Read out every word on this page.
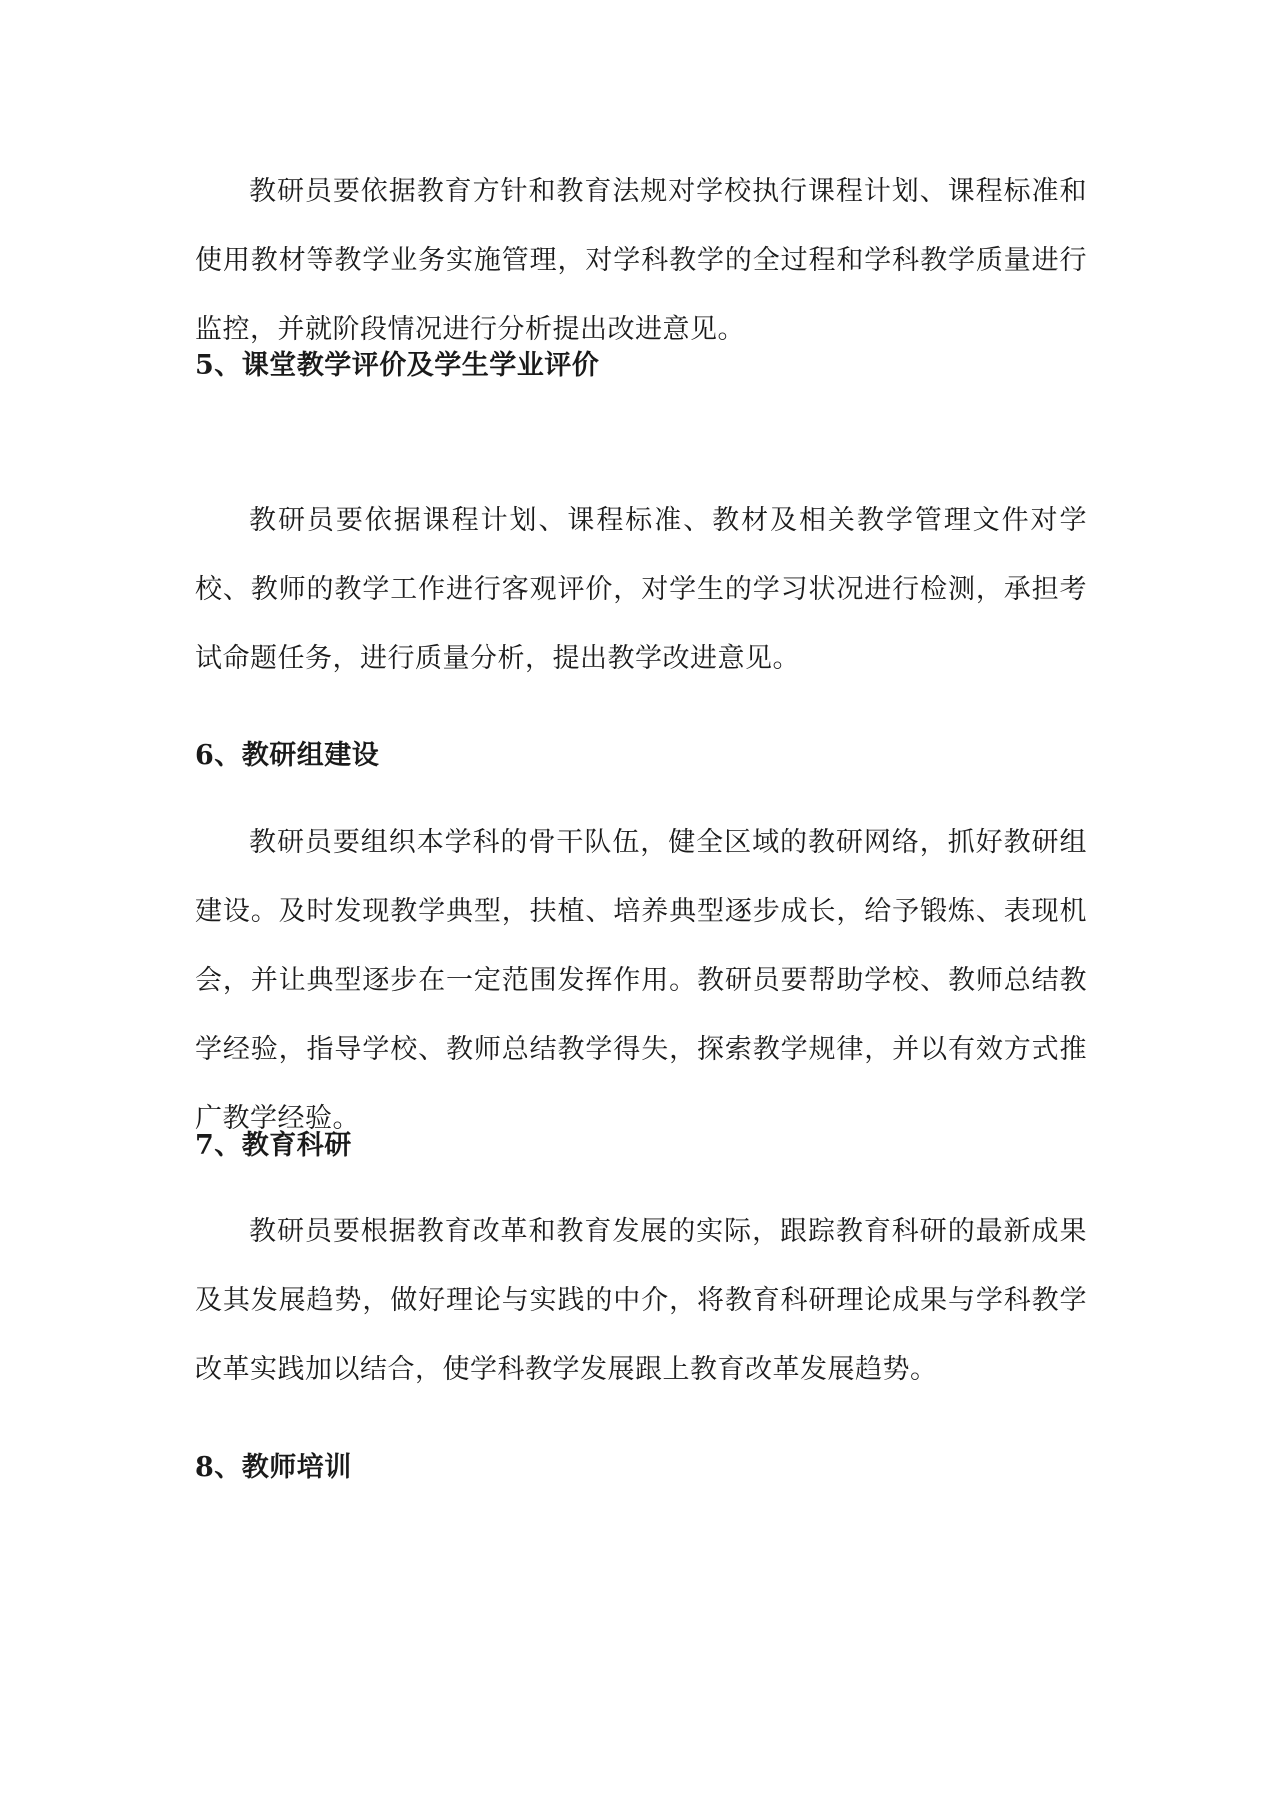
教研员要依据教育方针和教育法规对学校执行课程计划、课程标准和使用教材等教学业务实施管理，对学科教学的全过程和学科教学质量进行监控，并就阶段情况进行分析提出改进意见。

5、课堂教学评价及学生学业评价

教研员要依据课程计划、课程标准、教材及相关教学管理文件对学校、教师的教学工作进行客观评价，对学生的学习状况进行检测，承担考试命题任务，进行质量分析，提出教学改进意见。

6、教研组建设

教研员要组织本学科的骨干队伍，健全区域的教研网络，抓好教研组建设。及时发现教学典型，扶植、培养典型逐步成长，给予锻炼、表现机会，并让典型逐步在一定范围发挥作用。教研员要帮助学校、教师总结教学经验，指导学校、教师总结教学得失，探索教学规律，并以有效方式推广教学经验。

7、教育科研

教研员要根据教育改革和教育发展的实际，跟踪教育科研的最新成果及其发展趋势，做好理论与实践的中介，将教育科研理论成果与学科教学改革实践加以结合，使学科教学发展跟上教育改革发展趋势。

8、教师培训
